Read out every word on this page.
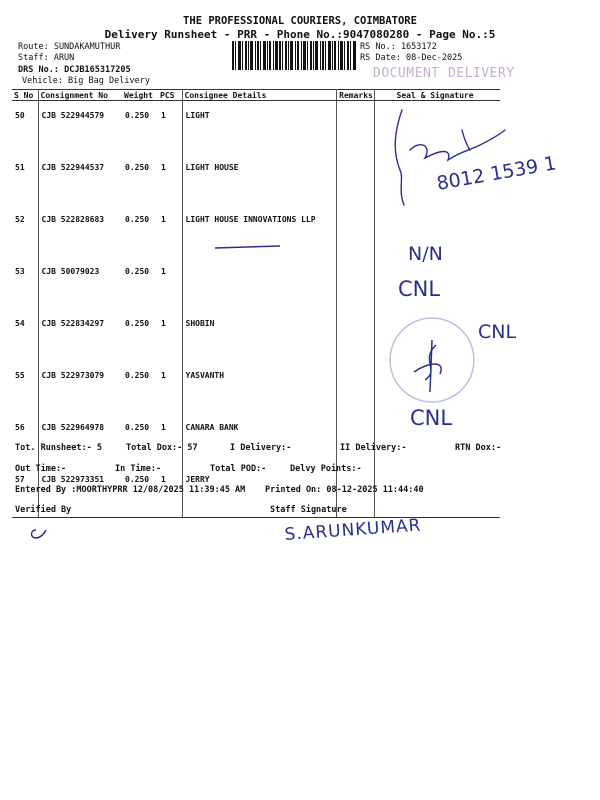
THE PROFESSIONAL COURIERS, COIMBATORE
Delivery Runsheet - PRR - Phone No.:9047080280 - Page No.:5
Route: SUNDAKAMUTHUR
Staff: ARUN
DRS No.: DCJB165317205
Vehicle: Big Bag Delivery
RS No.: 1653172
RS Date: 08-Dec-2025
DOCUMENT DELIVERY
S No	Consignment No	Weight	PCS	Consignee Details	Remarks	Seal & Signature
50	CJB 522944579	0.250	1	LIGHT		
51	CJB 522944537	0.250	1	LIGHT HOUSE		
52	CJB 522828683	0.250	1	LIGHT HOUSE INNOVATIONS LLP		
53	CJB 50079023	0.250	1			
54	CJB 522834297	0.250	1	SHOBIN		
55	CJB 522973079	0.250	1	YASVANTH		
56	CJB 522964978	0.250	1	CANARA BANK		
57	CJB 522973351	0.250	1	JERRY		
Tot. Runsheet:- 5	Total Dox:- 57	I Delivery:-	II Delivery:-	RTN Dox:-
Out Time:-	In Time:-	Total POD:-	Delvy Points:-
Entered By :MOORTHYPRR 12/08/2025 11:39:45 AM Printed On: 08-12-2025 11:44:40
Verified By	Staff Signature
8012 1539 1
N/N
CNL
CNL
CNL
S.ARUNKUMAR
